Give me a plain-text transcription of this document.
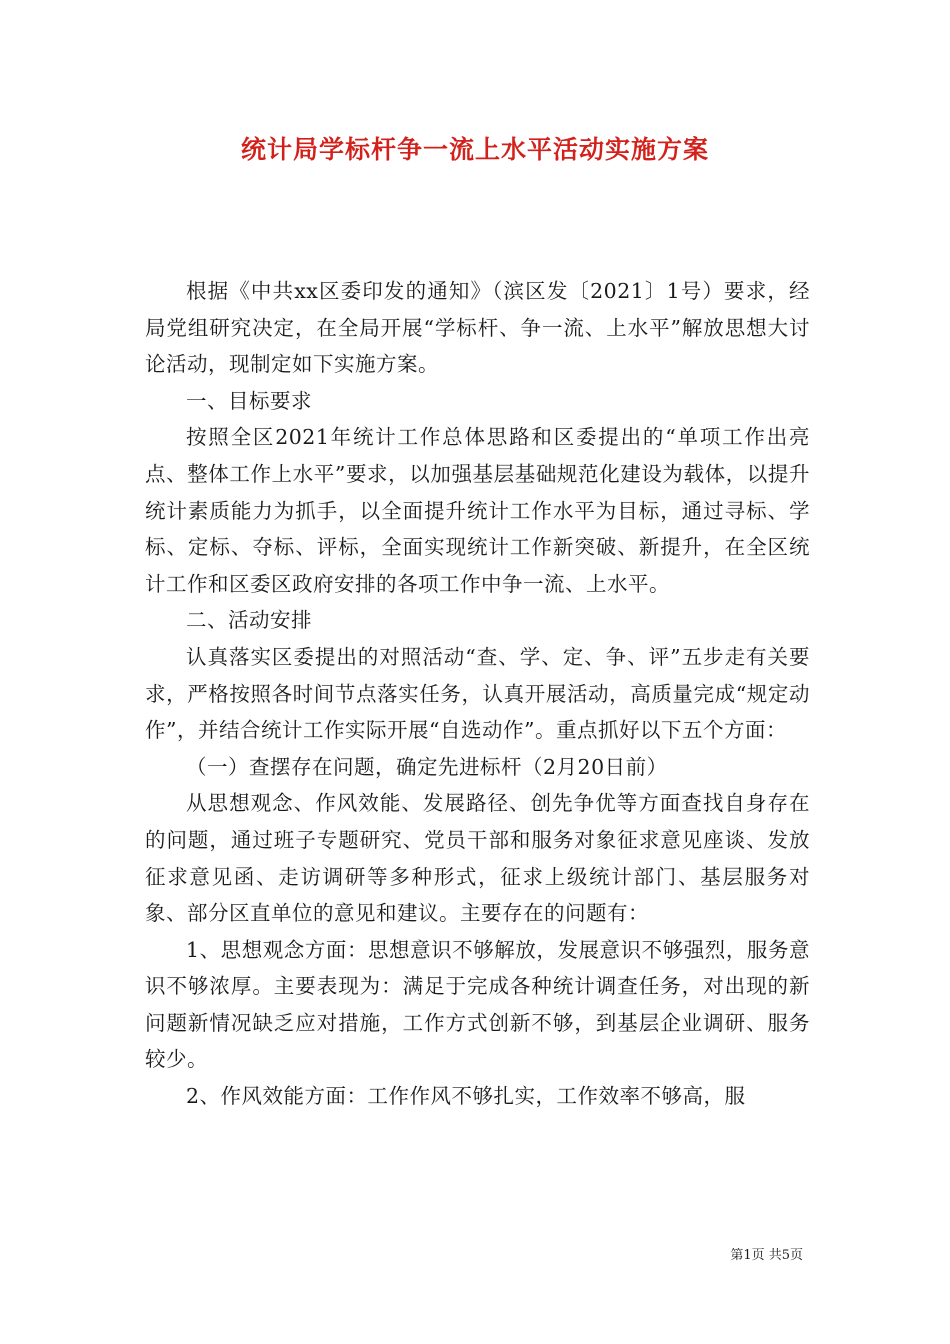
统计局学标杆争一流上水平活动实施方案

根据《中共xx区委印发的通知》（滨区发〔2021〕1号）要求，经局党组研究决定，在全局开展“学标杆、争一流、上水平”解放思想大讨论活动，现制定如下实施方案。

一、目标要求

按照全区2021年统计工作总体思路和区委提出的“单项工作出亮点、整体工作上水平”要求，以加强基层基础规范化建设为载体，以提升统计素质能力为抓手，以全面提升统计工作水平为目标，通过寻标、学标、定标、夺标、评标，全面实现统计工作新突破、新提升，在全区统计工作和区委区政府安排的各项工作中争一流、上水平。

二、活动安排

认真落实区委提出的对照活动“查、学、定、争、评”五步走有关要求，严格按照各时间节点落实任务，认真开展活动，高质量完成“规定动作”，并结合统计工作实际开展“自选动作”。重点抓好以下五个方面：

（一）查摆存在问题，确定先进标杆（2月20日前）

从思想观念、作风效能、发展路径、创先争优等方面查找自身存在的问题，通过班子专题研究、党员干部和服务对象征求意见座谈、发放征求意见函、走访调研等多种形式，征求上级统计部门、基层服务对象、部分区直单位的意见和建议。主要存在的问题有：

1、思想观念方面：思想意识不够解放，发展意识不够强烈，服务意识不够浓厚。主要表现为：满足于完成各种统计调查任务，对出现的新问题新情况缺乏应对措施，工作方式创新不够，到基层企业调研、服务较少。

2、作风效能方面：工作作风不够扎实，工作效率不够高，服

第1页 共5页
